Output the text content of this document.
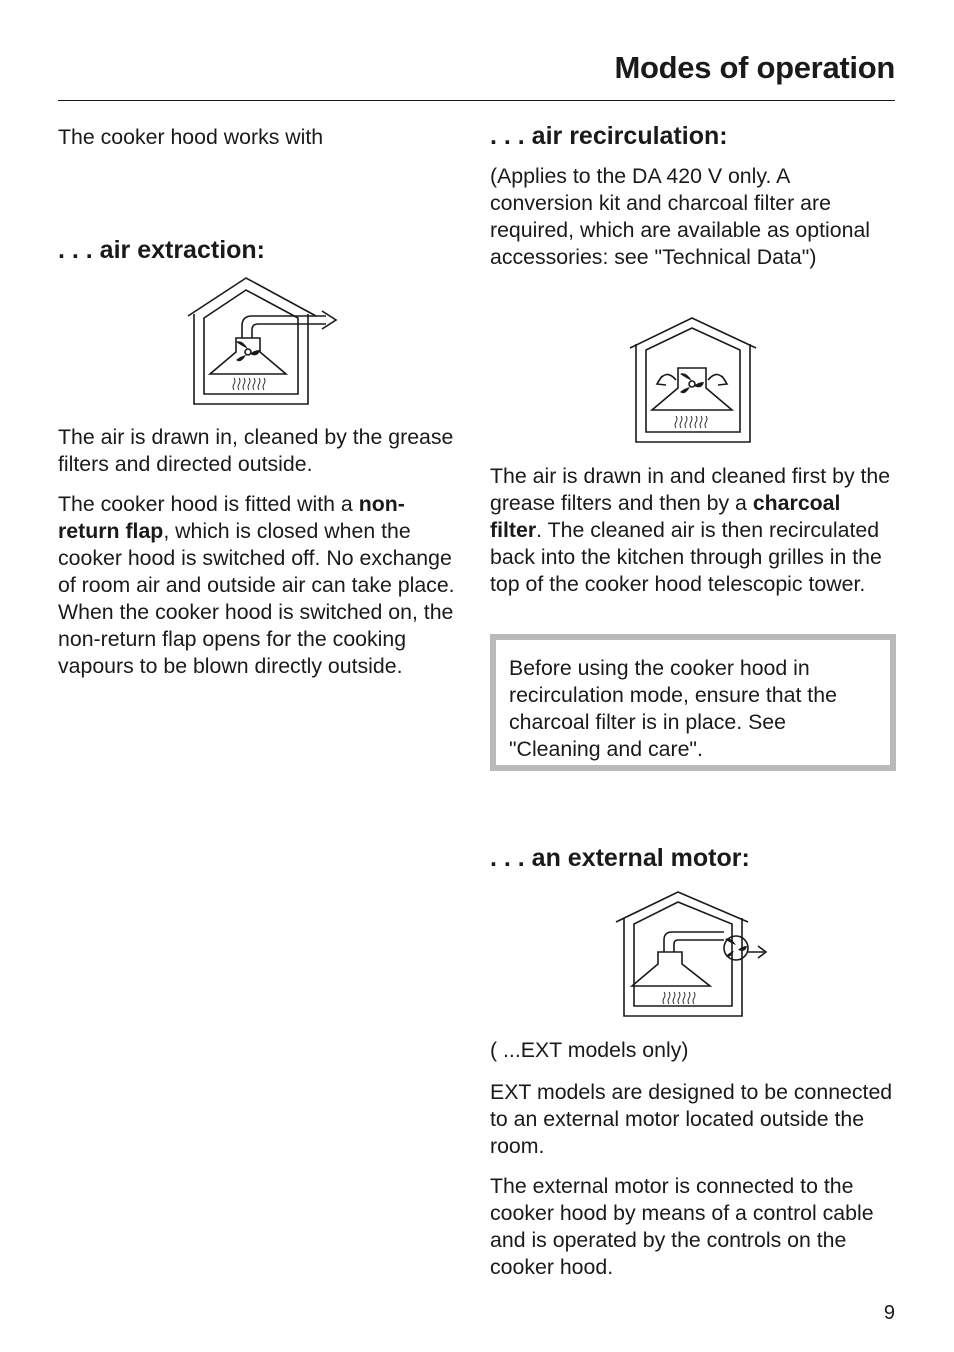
Modes of operation

The cooker hood works with

. . . air extraction:

The air is drawn in, cleaned by the grease filters and directed outside.

The cooker hood is fitted with a non-return flap, which is closed when the cooker hood is switched off. No exchange of room air and outside air can take place. When the cooker hood is switched on, the non-return flap opens for the cooking vapours to be blown directly outside.

. . . air recirculation:

(Applies to the DA 420 V only. A conversion kit and charcoal filter are required, which are available as optional accessories: see "Technical Data")

The air is drawn in and cleaned first by the grease filters and then by a charcoal filter. The cleaned air is then recirculated back into the kitchen through grilles in the top of the cooker hood telescopic tower.

Before using the cooker hood in recirculation mode, ensure that the charcoal filter is in place. See "Cleaning and care".

. . . an external motor:

( ...EXT models only)

EXT models are designed to be connected to an external motor located outside the room.

The external motor is connected to the cooker hood by means of a control cable and is operated by the controls on the cooker hood.

9
